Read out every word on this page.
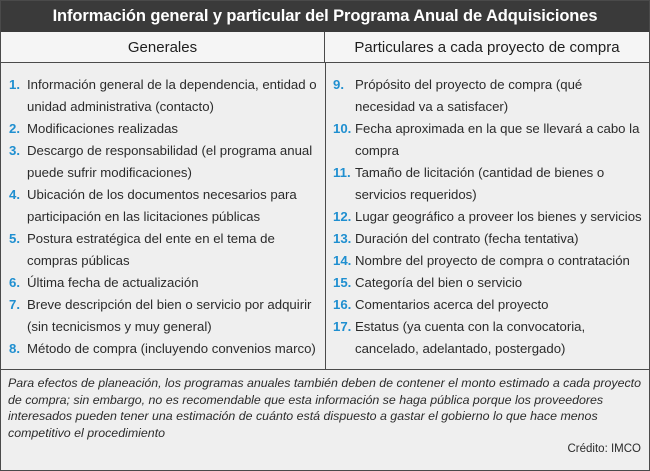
Información general y particular del Programa Anual de Adquisiciones
Generales	Particulares a cada proyecto de compra
1. Información general de la dependencia, entidad o unidad administrativa (contacto)
2. Modificaciones realizadas
3. Descargo de responsabilidad (el programa anual puede sufrir modificaciones)
4. Ubicación de los documentos necesarios para participación en las licitaciones públicas
5. Postura estratégica del ente en el tema de compras públicas
6. Última fecha de actualización
7. Breve descripción del bien o servicio por adquirir (sin tecnicismos y muy general)
8. Método de compra (incluyendo convenios marco)
9. Própósito del proyecto de compra (qué necesidad va a satisfacer)
10. Fecha aproximada en la que se llevará a cabo la compra
11. Tamaño de licitación (cantidad de bienes o servicios requeridos)
12. Lugar geográfico a proveer los bienes y servicios
13. Duración del contrato (fecha tentativa)
14. Nombre del proyecto de compra o contratación
15. Categoría del bien o servicio
16. Comentarios acerca del proyecto
17. Estatus (ya cuenta con la convocatoria, cancelado, adelantado, postergado)

Para efectos de planeación, los programas anuales también deben de contener el monto estimado a cada proyecto de compra; sin embargo, no es recomendable que esta información se haga pública porque los proveedores interesados pueden tener una estimación de cuánto está dispuesto a gastar el gobierno lo que hace menos competitivo el procedimiento

Crédito: IMCO
